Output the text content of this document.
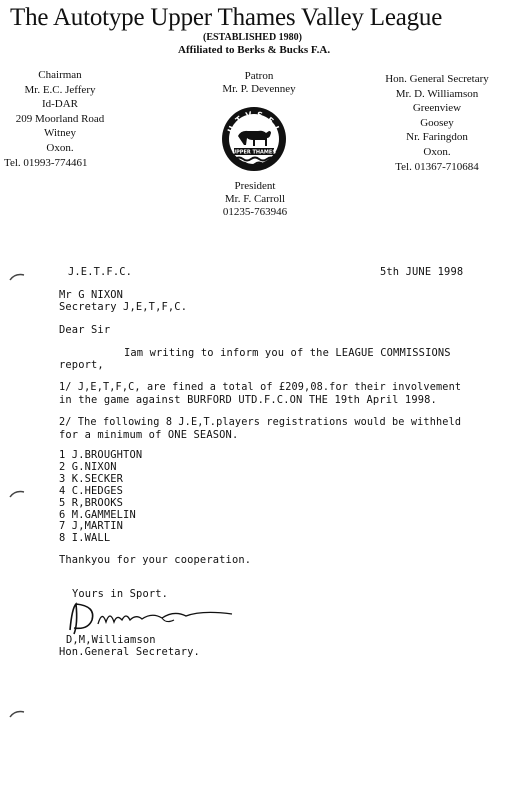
The Autotype Upper Thames Valley League
(ESTABLISHED 1980)
Affiliated to Berks & Bucks F.A.
Chairman
Mr. E.C. Jeffery
Id-DAR
209 Moorland Road
Witney
Oxon.
Tel. 01993-774461
Patron
Mr. P. Devenney
U.T.V.S.F.L.
UPPER THAMES
President
Mr. F. Carroll
01235-763946
Hon. General Secretary
Mr. D. Williamson
Greenview
Goosey
Nr. Faringdon
Oxon.
Tel. 01367-710684
J.E.T.F.C.	5th JUNE 1998
Mr G NIXON
Secretary J,E,T,F,C.
Dear Sir
Iam writing to inform you of the LEAGUE COMMISSIONS
report,
1/ J,E,T,F,C, are fined a total of £209,08.for their involvement
in the game against BURFORD UTD.F.C.ON THE 19th April 1998.
2/ The following 8 J.E,T.players registrations would be withheld
for a minimum of ONE SEASON.
1 J.BROUGHTON
2 G.NIXON
3 K.SECKER
4 C.HEDGES
5 R,BROOKS
6 M.GAMMELIN
7 J,MARTIN
8 I.WALL
Thankyou for your cooperation.
Yours in Sport.
D,M,Williamson
Hon.General Secretary.
